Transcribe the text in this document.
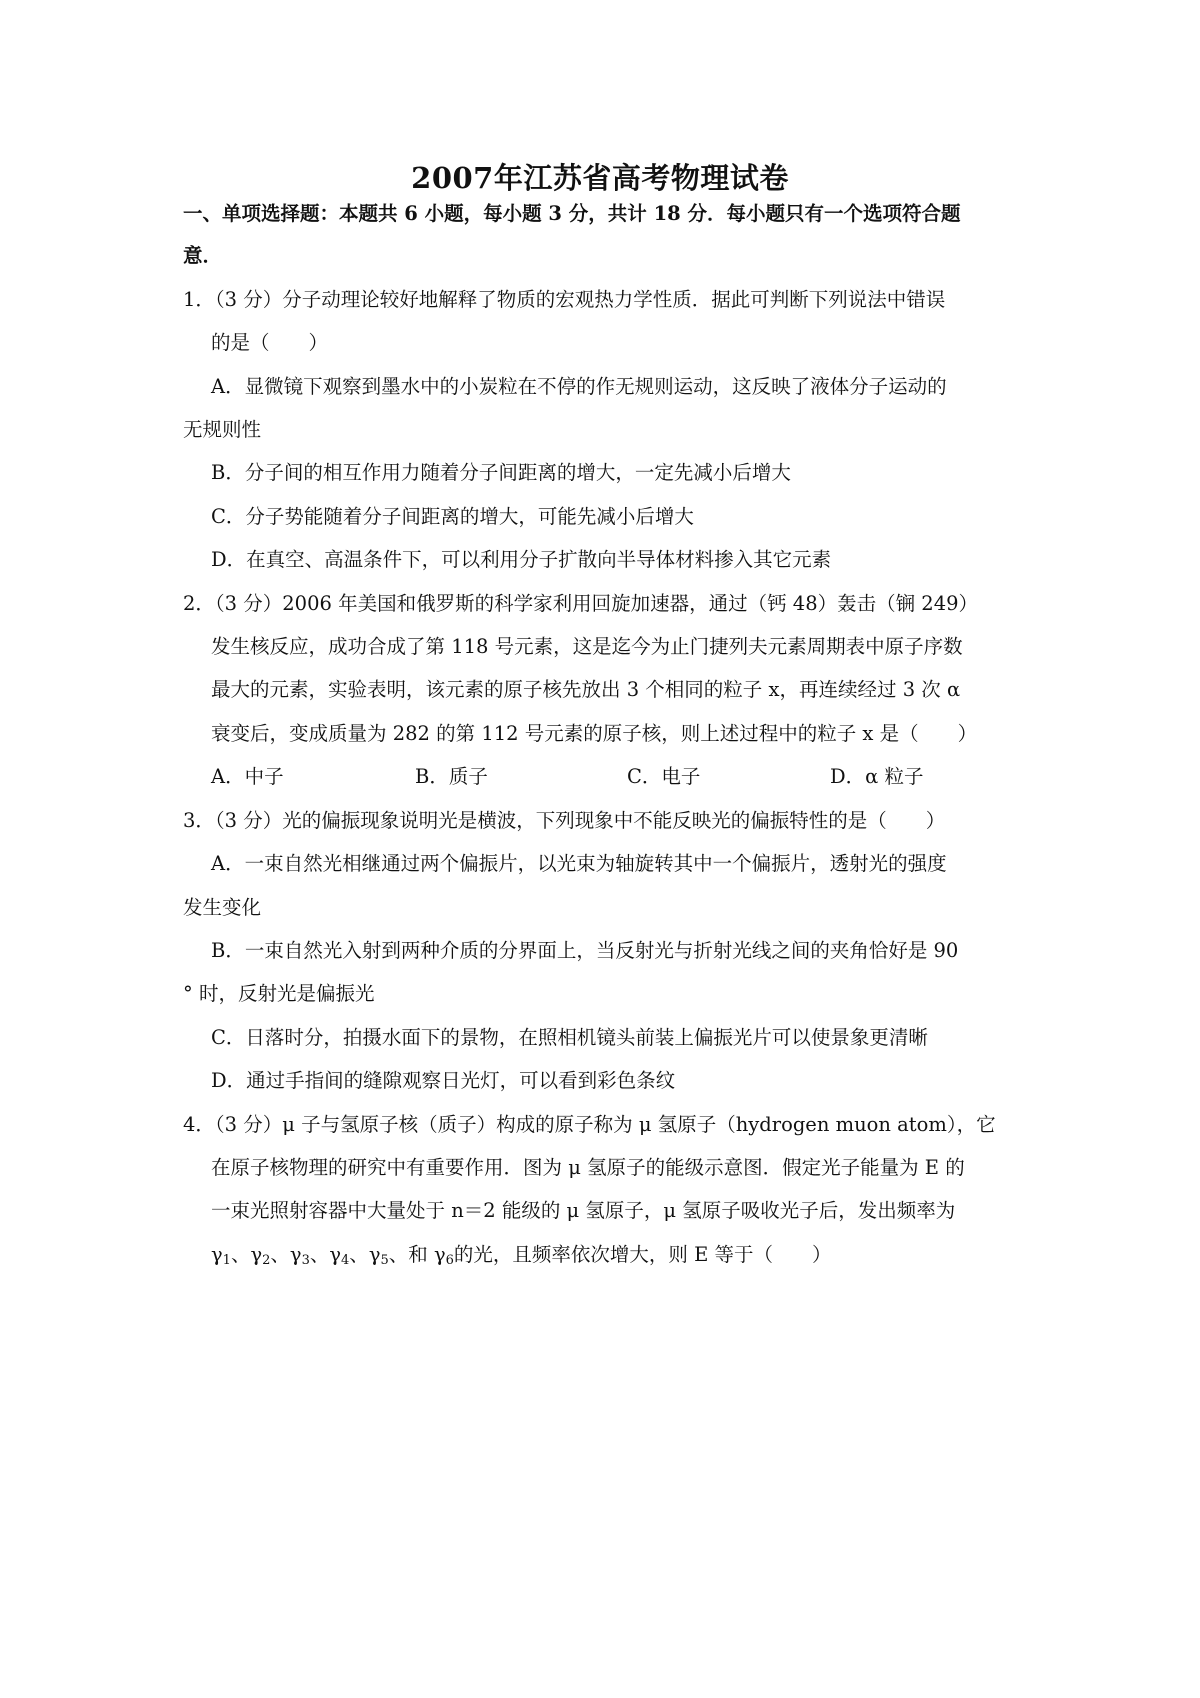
2007年江苏省高考物理试卷
一、单项选择题：本题共 6 小题，每小题 3 分，共计 18 分．每小题只有一个选项符合题
意．
1．（3 分）分子动理论较好地解释了物质的宏观热力学性质．据此可判断下列说法中错误
的是（　　）
A．显微镜下观察到墨水中的小炭粒在不停的作无规则运动，这反映了液体分子运动的
无规则性
B．分子间的相互作用力随着分子间距离的增大，一定先减小后增大
C．分子势能随着分子间距离的增大，可能先减小后增大
D．在真空、高温条件下，可以利用分子扩散向半导体材料掺入其它元素
2．（3 分）2006 年美国和俄罗斯的科学家利用回旋加速器，通过（钙 48）轰击（锎 249）
发生核反应，成功合成了第 118 号元素，这是迄今为止门捷列夫元素周期表中原子序数
最大的元素，实验表明，该元素的原子核先放出 3 个相同的粒子 x，再连续经过 3 次 α
衰变后，变成质量为 282 的第 112 号元素的原子核，则上述过程中的粒子 x 是（　　）
A．中子	B．质子	C．电子	D．α 粒子
3．（3 分）光的偏振现象说明光是横波，下列现象中不能反映光的偏振特性的是（　　）
A．一束自然光相继通过两个偏振片，以光束为轴旋转其中一个偏振片，透射光的强度
发生变化
B．一束自然光入射到两种介质的分界面上，当反射光与折射光线之间的夹角恰好是 90
° 时，反射光是偏振光
C．日落时分，拍摄水面下的景物，在照相机镜头前装上偏振光片可以使景象更清晰
D．通过手指间的缝隙观察日光灯，可以看到彩色条纹
4．（3 分）μ 子与氢原子核（质子）构成的原子称为 μ 氢原子（hydrogen muon atom），它
在原子核物理的研究中有重要作用．图为 μ 氢原子的能级示意图．假定光子能量为 E 的
一束光照射容器中大量处于 n＝2 能级的 μ 氢原子，μ 氢原子吸收光子后，发出频率为
$\gamma_1$、$\gamma_2$、$\gamma_3$、$\gamma_4$、$\gamma_5$、和 $\gamma_6$的光，且频率依次增大，则 E 等于（　　）
